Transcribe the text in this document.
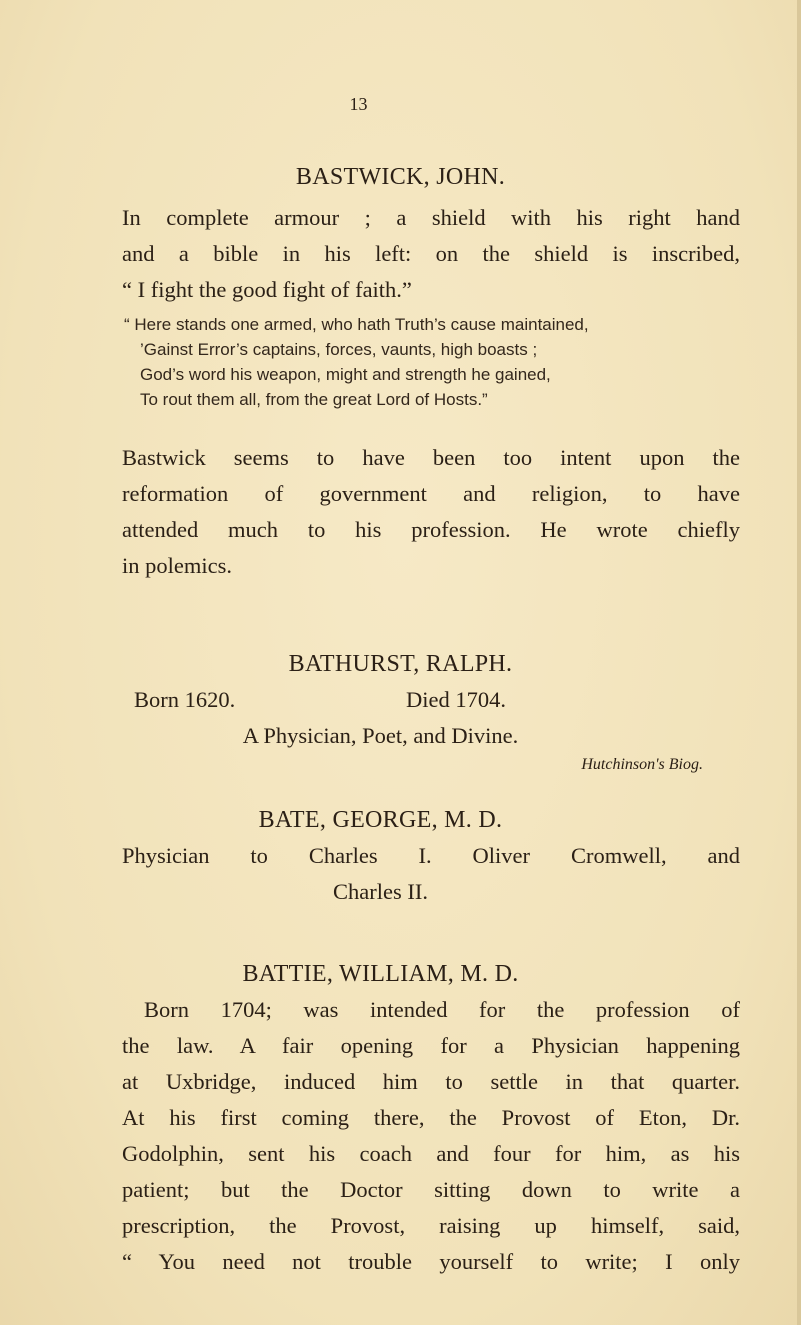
13
BASTWICK, JOHN.
In complete armour ; a shield with his right hand
and a bible in his left: on the shield is inscribed,
“ I fight the good fight of faith.”
“ Here stands one armed, who hath Truth’s cause maintained,
’Gainst Error’s captains, forces, vaunts, high boasts ;
God’s word his weapon, might and strength he gained,
To rout them all, from the great Lord of Hosts.”
Bastwick seems to have been too intent upon the
reformation of government and religion, to have
attended much to his profession. He wrote chiefly
in polemics.
BATHURST, RALPH.
Born 1620.	Died 1704.
A Physician, Poet, and Divine.
Hutchinson's Biog.
BATE, GEORGE, M. D.
Physician to Charles I. Oliver Cromwell, and
Charles II.
BATTIE, WILLIAM, M. D.
Born 1704; was intended for the profession of
the law. A fair opening for a Physician happening
at Uxbridge, induced him to settle in that quarter.
At his first coming there, the Provost of Eton, Dr.
Godolphin, sent his coach and four for him, as his
patient; but the Doctor sitting down to write a
prescription, the Provost, raising up himself, said,
“ You need not trouble yourself to write; I only
